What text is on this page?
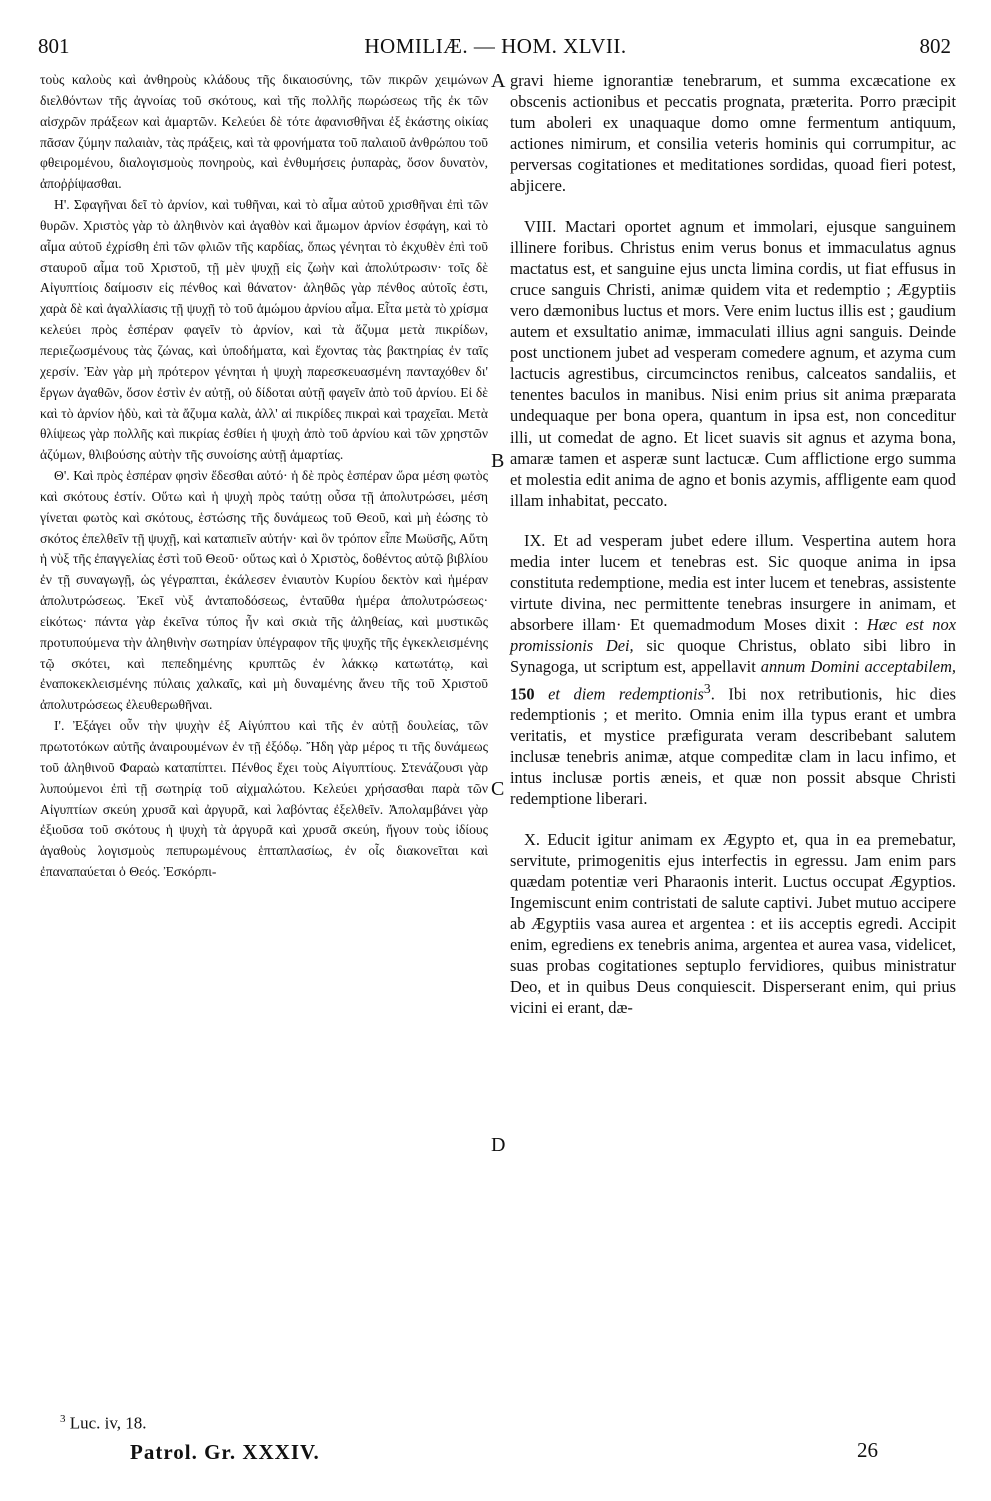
801	HOMILIÆ. — HOM. XLVII.	802

τοὺς καλοὺς καὶ ἀνθηροὺς κλάδους τῆς δικαιοσύνης, τῶν πικρῶν χειμώνων διελθόντων τῆς ἀγνοίας τοῦ σκότους, καὶ τῆς πολλῆς πωρώσεως τῆς ἐκ τῶν αἰσχρῶν πράξεων καὶ ἁμαρτῶν. Κελεύει δὲ τότε ἀφανισθῆναι ἐξ ἑκάστης οἰκίας πᾶσαν ζύμην παλαιὰν, τὰς πράξεις, καὶ τὰ φρονήματα τοῦ παλαιοῦ ἀνθρώπου τοῦ φθειρομένου, διαλογισμοὺς πονηροὺς, καὶ ἐνθυμήσεις ῥυπαρὰς, ὅσον δυνατὸν, ἀποῤῥίψασθαι.

Η'. Σφαγῆναι δεῖ τὸ ἀρνίον, καὶ τυθῆναι, καὶ τὸ αἷμα αὐτοῦ χρισθῆναι ἐπὶ τῶν θυρῶν. Χριστὸς γὰρ τὸ ἀληθινὸν καὶ ἀγαθὸν καὶ ἄμωμον ἀρνίον ἐσφάγη, καὶ τὸ αἷμα αὐτοῦ ἐχρίσθη ἐπὶ τῶν φλιῶν τῆς καρδίας, ὅπως γένηται τὸ ἐκχυθὲν ἐπὶ τοῦ σταυροῦ αἷμα τοῦ Χριστοῦ, τῇ μὲν ψυχῇ εἰς ζωὴν καὶ ἀπολύτρωσιν· τοῖς δὲ Αἰγυπτίοις δαίμοσιν εἰς πένθος καὶ θάνατον· ἀληθῶς γὰρ πένθος αὐτοῖς ἐστι, χαρὰ δὲ καὶ ἀγαλλίασις τῇ ψυχῇ τὸ τοῦ ἀμώμου ἀρνίου αἷμα. Εἶτα μετὰ τὸ χρίσμα κελεύει πρὸς ἑσπέραν φαγεῖν τὸ ἀρνίον, καὶ τὰ ἄζυμα μετὰ πικρίδων, περιεζωσμένους τὰς ζώνας, καὶ ὑποδήματα, καὶ ἔχοντας τὰς βακτηρίας ἐν ταῖς χερσίν. Ἐὰν γὰρ μὴ πρότερον γένηται ἡ ψυχὴ παρεσκευασμένη πανταχόθεν δι' ἔργων ἀγαθῶν, ὅσον ἐστὶν ἐν αὐτῇ, οὐ δίδοται αὐτῇ φαγεῖν ἀπὸ τοῦ ἀρνίου. Εἰ δὲ καὶ τὸ ἀρνίον ἡδὺ, καὶ τὰ ἄζυμα καλὰ, ἀλλ' αἱ πικρίδες πικραὶ καὶ τραχεῖαι. Μετὰ θλίψεως γὰρ πολλῆς καὶ πικρίας ἐσθίει ἡ ψυχὴ ἀπὸ τοῦ ἀρνίου καὶ τῶν χρηστῶν ἀζύμων, θλιβούσης αὐτὴν τῆς συνοίσης αὐτῇ ἁμαρτίας.

Θ'. Καὶ πρὸς ἑσπέραν φησὶν ἔδεσθαι αὐτό· ἡ δὲ πρὸς ἑσπέραν ὥρα μέση φωτὸς καὶ σκότους ἐστίν. Οὕτω καὶ ἡ ψυχὴ πρὸς ταύτῃ οὖσα τῇ ἀπολυτρώσει, μέση γίνεται φωτὸς καὶ σκότους, ἑστώσης τῆς δυνάμεως τοῦ Θεοῦ, καὶ μὴ ἐώσης τὸ σκότος ἐπελθεῖν τῇ ψυχῇ, καὶ καταπιεῖν αὐτήν· καὶ ὃν τρόπον εἶπε Μωϋσῆς, Αὕτη ἡ νὺξ τῆς ἐπαγγελίας ἐστὶ τοῦ Θεοῦ· οὕτως καὶ ὁ Χριστὸς, δοθέντος αὐτῷ βιβλίου ἐν τῇ συναγωγῇ, ὡς γέγραπται, ἐκάλεσεν ἐνιαυτὸν Κυρίου δεκτὸν καὶ ἡμέραν ἀπολυτρώσεως. Ἐκεῖ νὺξ ἀνταποδόσεως, ἐνταῦθα ἡμέρα ἀπολυτρώσεως· εἰκότως· πάντα γὰρ ἐκεῖνα τύπος ἦν καὶ σκιὰ τῆς ἀληθείας, καὶ μυστικῶς προτυπούμενα τὴν ἀληθινὴν σωτηρίαν ὑπέγραφον τῆς ψυχῆς τῆς ἐγκεκλεισμένης τῷ σκότει, καὶ πεπεδημένης κρυπτῶς ἐν λάκκῳ κατωτάτῳ, καὶ ἐναποκεκλεισμένης πύλαις χαλκαῖς, καὶ μὴ δυναμένης ἄνευ τῆς τοῦ Χριστοῦ ἀπολυτρώσεως ἐλευθερωθῆναι.

Ι'. Ἐξάγει οὖν τὴν ψυχὴν ἐξ Αἰγύπτου καὶ τῆς ἐν αὐτῇ δουλείας, τῶν πρωτοτόκων αὐτῆς ἀναιρουμένων ἐν τῇ ἐξόδῳ. Ἤδη γὰρ μέρος τι τῆς δυνάμεως τοῦ ἀληθινοῦ Φαραὼ καταπίπτει. Πένθος ἔχει τοὺς Αἰγυπτίους. Στενάζουσι γὰρ λυπούμενοι ἐπὶ τῇ σωτηρίᾳ τοῦ αἰχμαλώτου. Κελεύει χρήσασθαι παρὰ τῶν Αἰγυπτίων σκεύη χρυσᾶ καὶ ἀργυρᾶ, καὶ λαβόντας ἐξελθεῖν. Ἀπολαμβάνει γὰρ ἐξιοῦσα τοῦ σκότους ἡ ψυχὴ τὰ ἀργυρᾶ καὶ χρυσᾶ σκεύη, ἤγουν τοὺς ἰδίους ἀγαθοὺς λογισμοὺς πεπυρωμένους ἑπταπλασίως, ἐν οἷς διακονεῖται καὶ ἐπαναπαύεται ὁ Θεός. Ἐσκόρπι-

A
B
C
D

gravi hieme ignorantiæ tenebrarum, et summa excæcatione ex obscenis actionibus et peccatis prognata, præterita. Porro præcipit tum aboleri ex unaquaque domo omne fermentum antiquum, actiones nimirum, et consilia veteris hominis qui corrumpitur, ac perversas cogitationes et meditationes sordidas, quoad fieri potest, abjicere.

VIII. Mactari oportet agnum et immolari, ejusque sanguinem illinere foribus. Christus enim verus bonus et immaculatus agnus mactatus est, et sanguine ejus uncta limina cordis, ut fiat effusus in cruce sanguis Christi, animæ quidem vita et redemptio ; Ægyptiis vero dæmonibus luctus et mors. Vere enim luctus illis est ; gaudium autem et exsultatio animæ, immaculati illius agni sanguis. Deinde post unctionem jubet ad vesperam comedere agnum, et azyma cum lactucis agrestibus, circumcinctos renibus, calceatos sandaliis, et tenentes baculos in manibus. Nisi enim prius sit anima præparata undequaque per bona opera, quantum in ipsa est, non conceditur illi, ut comedat de agno. Et licet suavis sit agnus et azyma bona, amaræ tamen et asperæ sunt lactucæ. Cum afflictione ergo summa et molestia edit anima de agno et bonis azymis, affligente eam quod illam inhabitat, peccato.

IX. Et ad vesperam jubet edere illum. Vespertina autem hora media inter lucem et tenebras est. Sic quoque anima in ipsa constituta redemptione, media est inter lucem et tenebras, assistente virtute divina, nec permittente tenebras insurgere in animam, et absorbere illam· Et quemadmodum Moses dixit : Hæc est nox promissionis Dei, sic quoque Christus, oblato sibi libro in Synagoga, ut scriptum est, appellavit annum Domini acceptabilem, 150 et diem redemptionis$^3$. Ibi nox retributionis, hic dies redemptionis ; et merito. Omnia enim illa typus erant et umbra veritatis, et mystice præfigurata veram describebant salutem inclusæ tenebris animæ, atque compeditæ clam in lacu infimo, et intus inclusæ portis æneis, et quæ non possit absque Christi redemptione liberari.

X. Educit igitur animam ex Ægypto et, qua in ea premebatur, servitute, primogenitis ejus interfectis in egressu. Jam enim pars quædam potentiæ veri Pharaonis interit. Luctus occupat Ægyptios. Ingemiscunt enim contristati de salute captivi. Jubet mutuo accipere ab Ægyptiis vasa aurea et argentea : et iis acceptis egredi. Accipit enim, egrediens ex tenebris anima, argentea et aurea vasa, videlicet, suas probas cogitationes septuplo fervidiores, quibus ministratur Deo, et in quibus Deus conquiescit. Disperserant enim, qui prius vicini ei erant, dæ-

$^3$ Luc. iv, 18.
Patrol. Gr. XXXIV.	26
